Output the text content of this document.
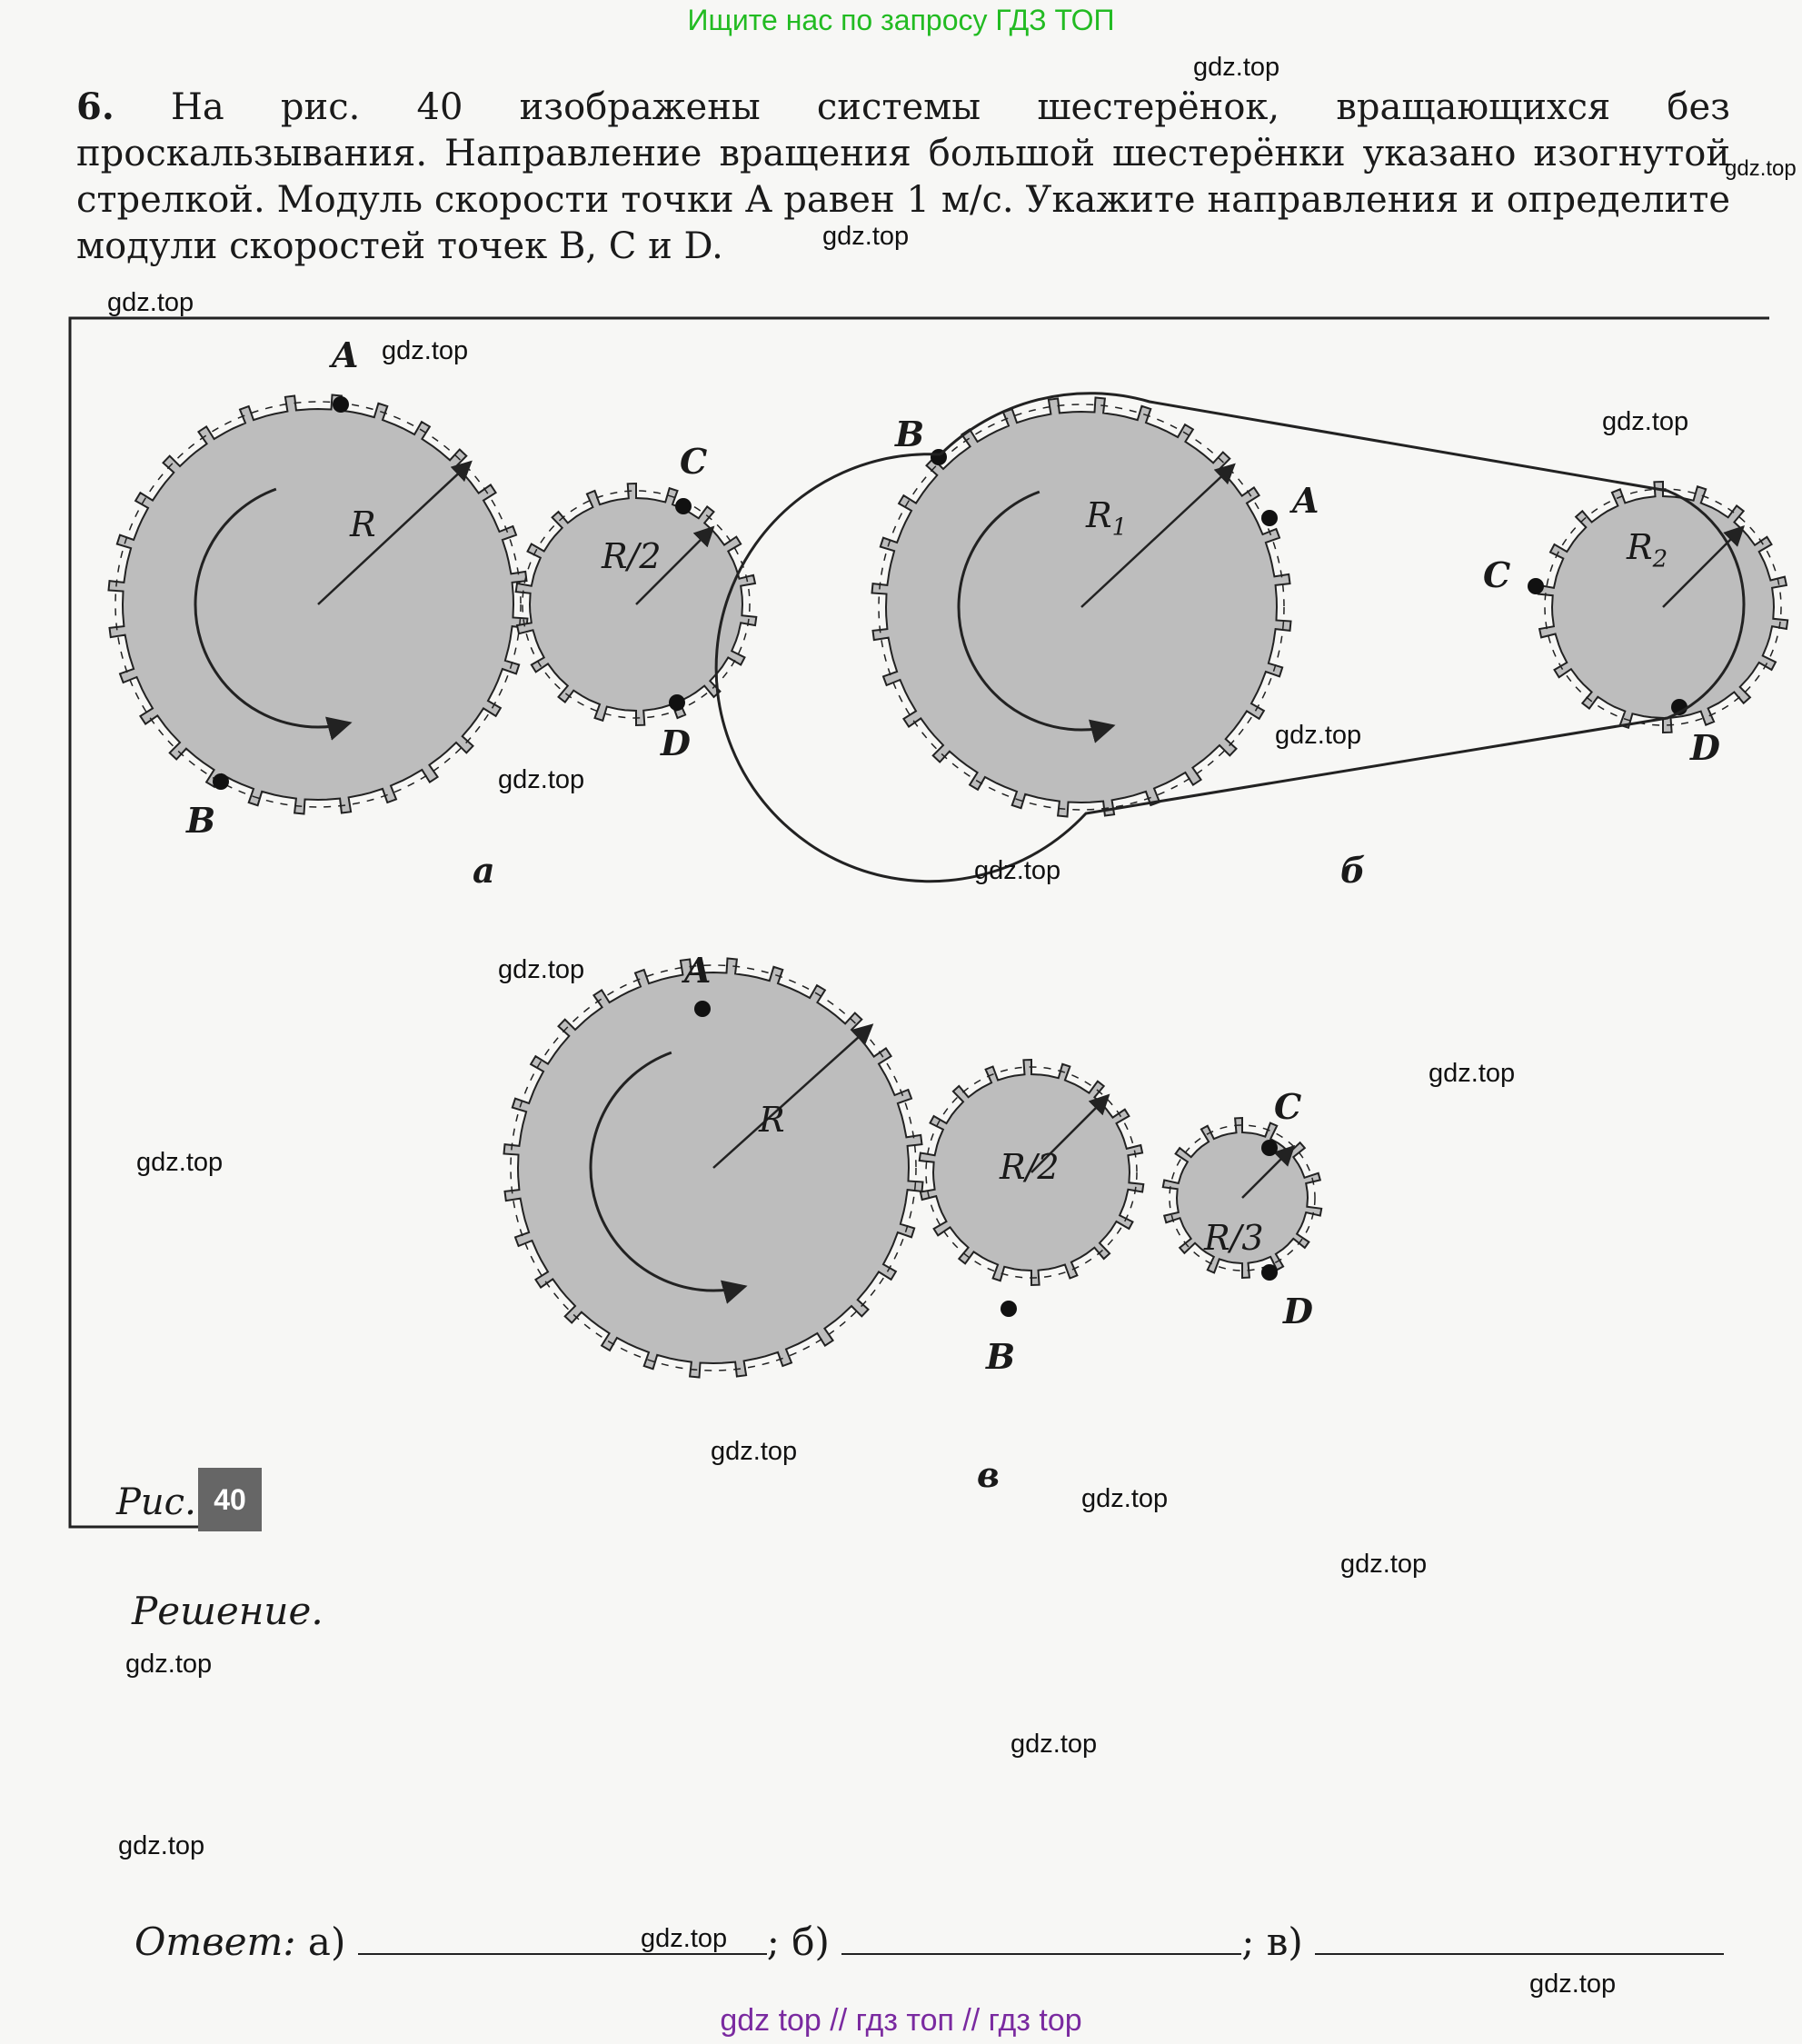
Ищите нас по запросу ГДЗ ТОП
6. На рис. 40 изображены системы шестерёнок, вращающихся без проскальзывания. Направление вращения большой шестерёнки указано изогнутой стрелкой. Модуль скорости точки A равен 1 м/с. Укажите направления и определите модули скоростей точек B, C и D.
A
R
B
C
R/2
D
а
B
$R_1$
A
C
$R_2$
D
б
A
R
R/2
B
C
R/3
D
в
Рис. 40
Решение.
Ответ: а)	; б)	; в)
gdz.top
gdz.top
gdz.top
gdz.top
gdz.top
gdz.top
gdz.top
gdz.top
gdz.top
gdz.top
gdz.top
gdz.top
gdz.top
gdz.top
gdz.top
gdz.top
gdz.top
gdz.top
gdz.top
gdz.top
gdz top // гдз топ // гдз top
